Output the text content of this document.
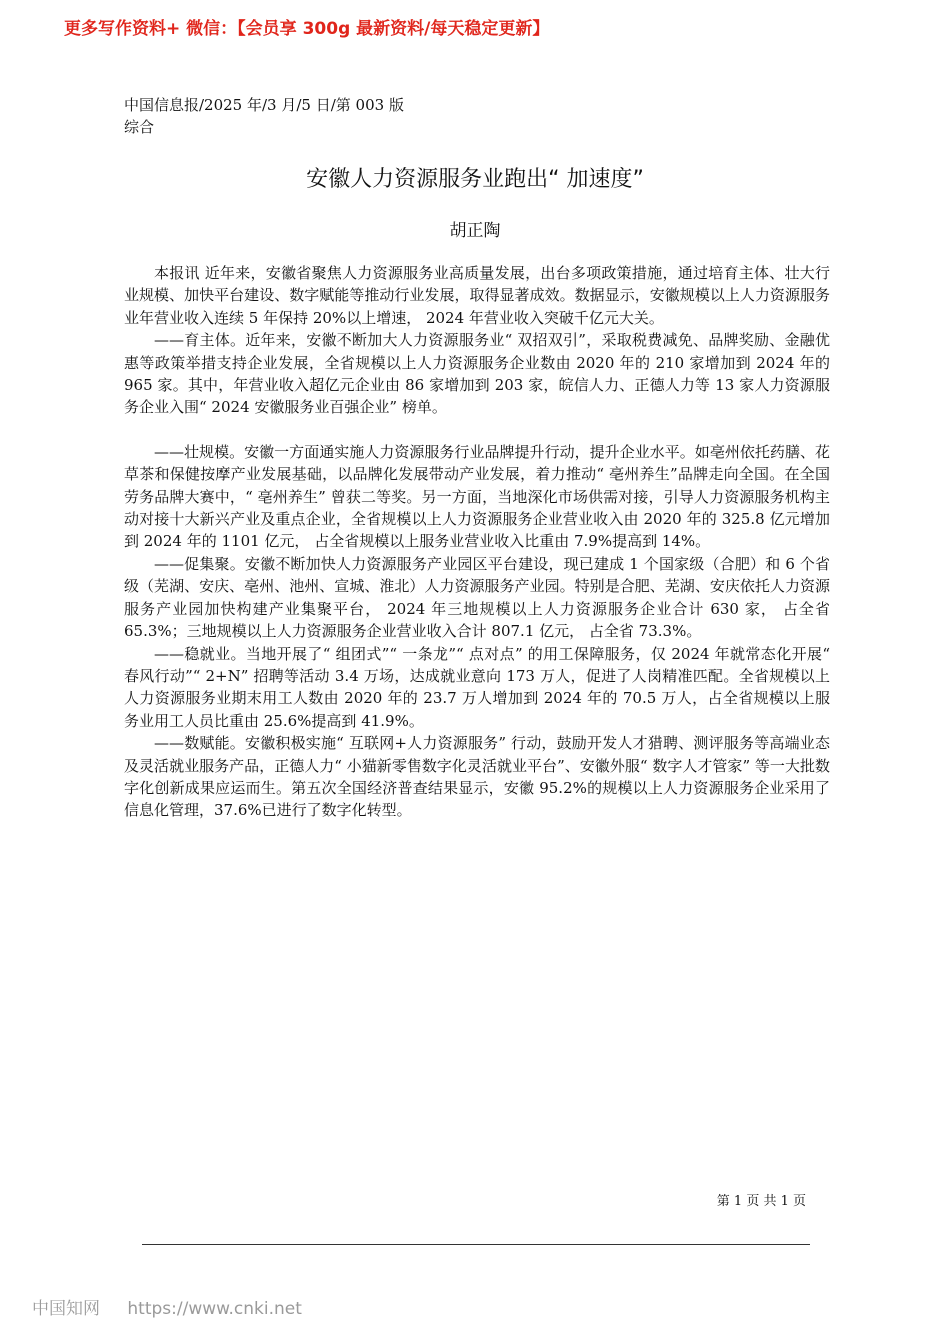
更多写作资料+ 微信：【会员享 300g 最新资料/每天稳定更新】
中国信息报/2025 年/3 月/5 日/第 003 版综合
安徽人力资源服务业跑出“ 加速度”
胡正陶

本报讯 近年来，安徽省聚焦人力资源服务业高质量发展，出台多项政策措施，通过培育主体、壮大行业规模、加快平台建设、数字赋能等推动行业发展，取得显著成效。数据显示，安徽规模以上人力资源服务业年营业收入连续 5 年保持 20%以上增速， 2024 年营业收入突破千亿元大关。

——育主体。近年来，安徽不断加大人力资源服务业“ 双招双引”，采取税费减免、品牌奖励、金融优惠等政策举措支持企业发展，全省规模以上人力资源服务企业数由 2020 年的 210 家增加到 2024 年的 965 家。其中，年营业收入超亿元企业由 86 家增加到 203 家，皖信人力、正德人力等 13 家人力资源服务企业入围“ 2024 安徽服务业百强企业” 榜单。

——壮规模。安徽一方面通实施人力资源服务行业品牌提升行动，提升企业水平。如亳州依托药膳、花草茶和保健按摩产业发展基础，以品牌化发展带动产业发展，着力推动“ 亳州养生”品牌走向全国。在全国劳务品牌大赛中，“ 亳州养生” 曾获二等奖。另一方面，当地深化市场供需对接，引导人力资源服务机构主动对接十大新兴产业及重点企业，全省规模以上人力资源服务企业营业收入由 2020 年的 325.8 亿元增加到 2024 年的 1101 亿元， 占全省规模以上服务业营业收入比重由 7.9%提高到 14%。

——促集聚。安徽不断加快人力资源服务产业园区平台建设，现已建成 1 个国家级（合肥）和 6 个省级（芜湖、安庆、亳州、池州、宣城、淮北）人力资源服务产业园。特别是合肥、芜湖、安庆依托人力资源服务产业园加快构建产业集聚平台， 2024 年三地规模以上人力资源服务企业合计 630 家， 占全省 65.3%；三地规模以上人力资源服务企业营业收入合计 807.1 亿元， 占全省 73.3%。

——稳就业。当地开展了“ 组团式”“ 一条龙”“ 点对点” 的用工保障服务，仅 2024 年就常态化开展“ 春风行动”“ 2+N” 招聘等活动 3.4 万场，达成就业意向 173 万人，促进了人岗精准匹配。全省规模以上人力资源服务业期末用工人数由 2020 年的 23.7 万人增加到 2024 年的 70.5 万人，占全省规模以上服务业用工人员比重由 25.6%提高到 41.9%。

——数赋能。安徽积极实施“ 互联网+人力资源服务” 行动，鼓励开发人才猎聘、测评服务等高端业态及灵活就业服务产品，正德人力“ 小猫新零售数字化灵活就业平台”、安徽外服“ 数字人才管家” 等一大批数字化创新成果应运而生。第五次全国经济普查结果显示，安徽 95.2%的规模以上人力资源服务企业采用了信息化管理，37.6%已进行了数字化转型。

第 1 页 共 1 页
中国知网 https://www.cnki.net
